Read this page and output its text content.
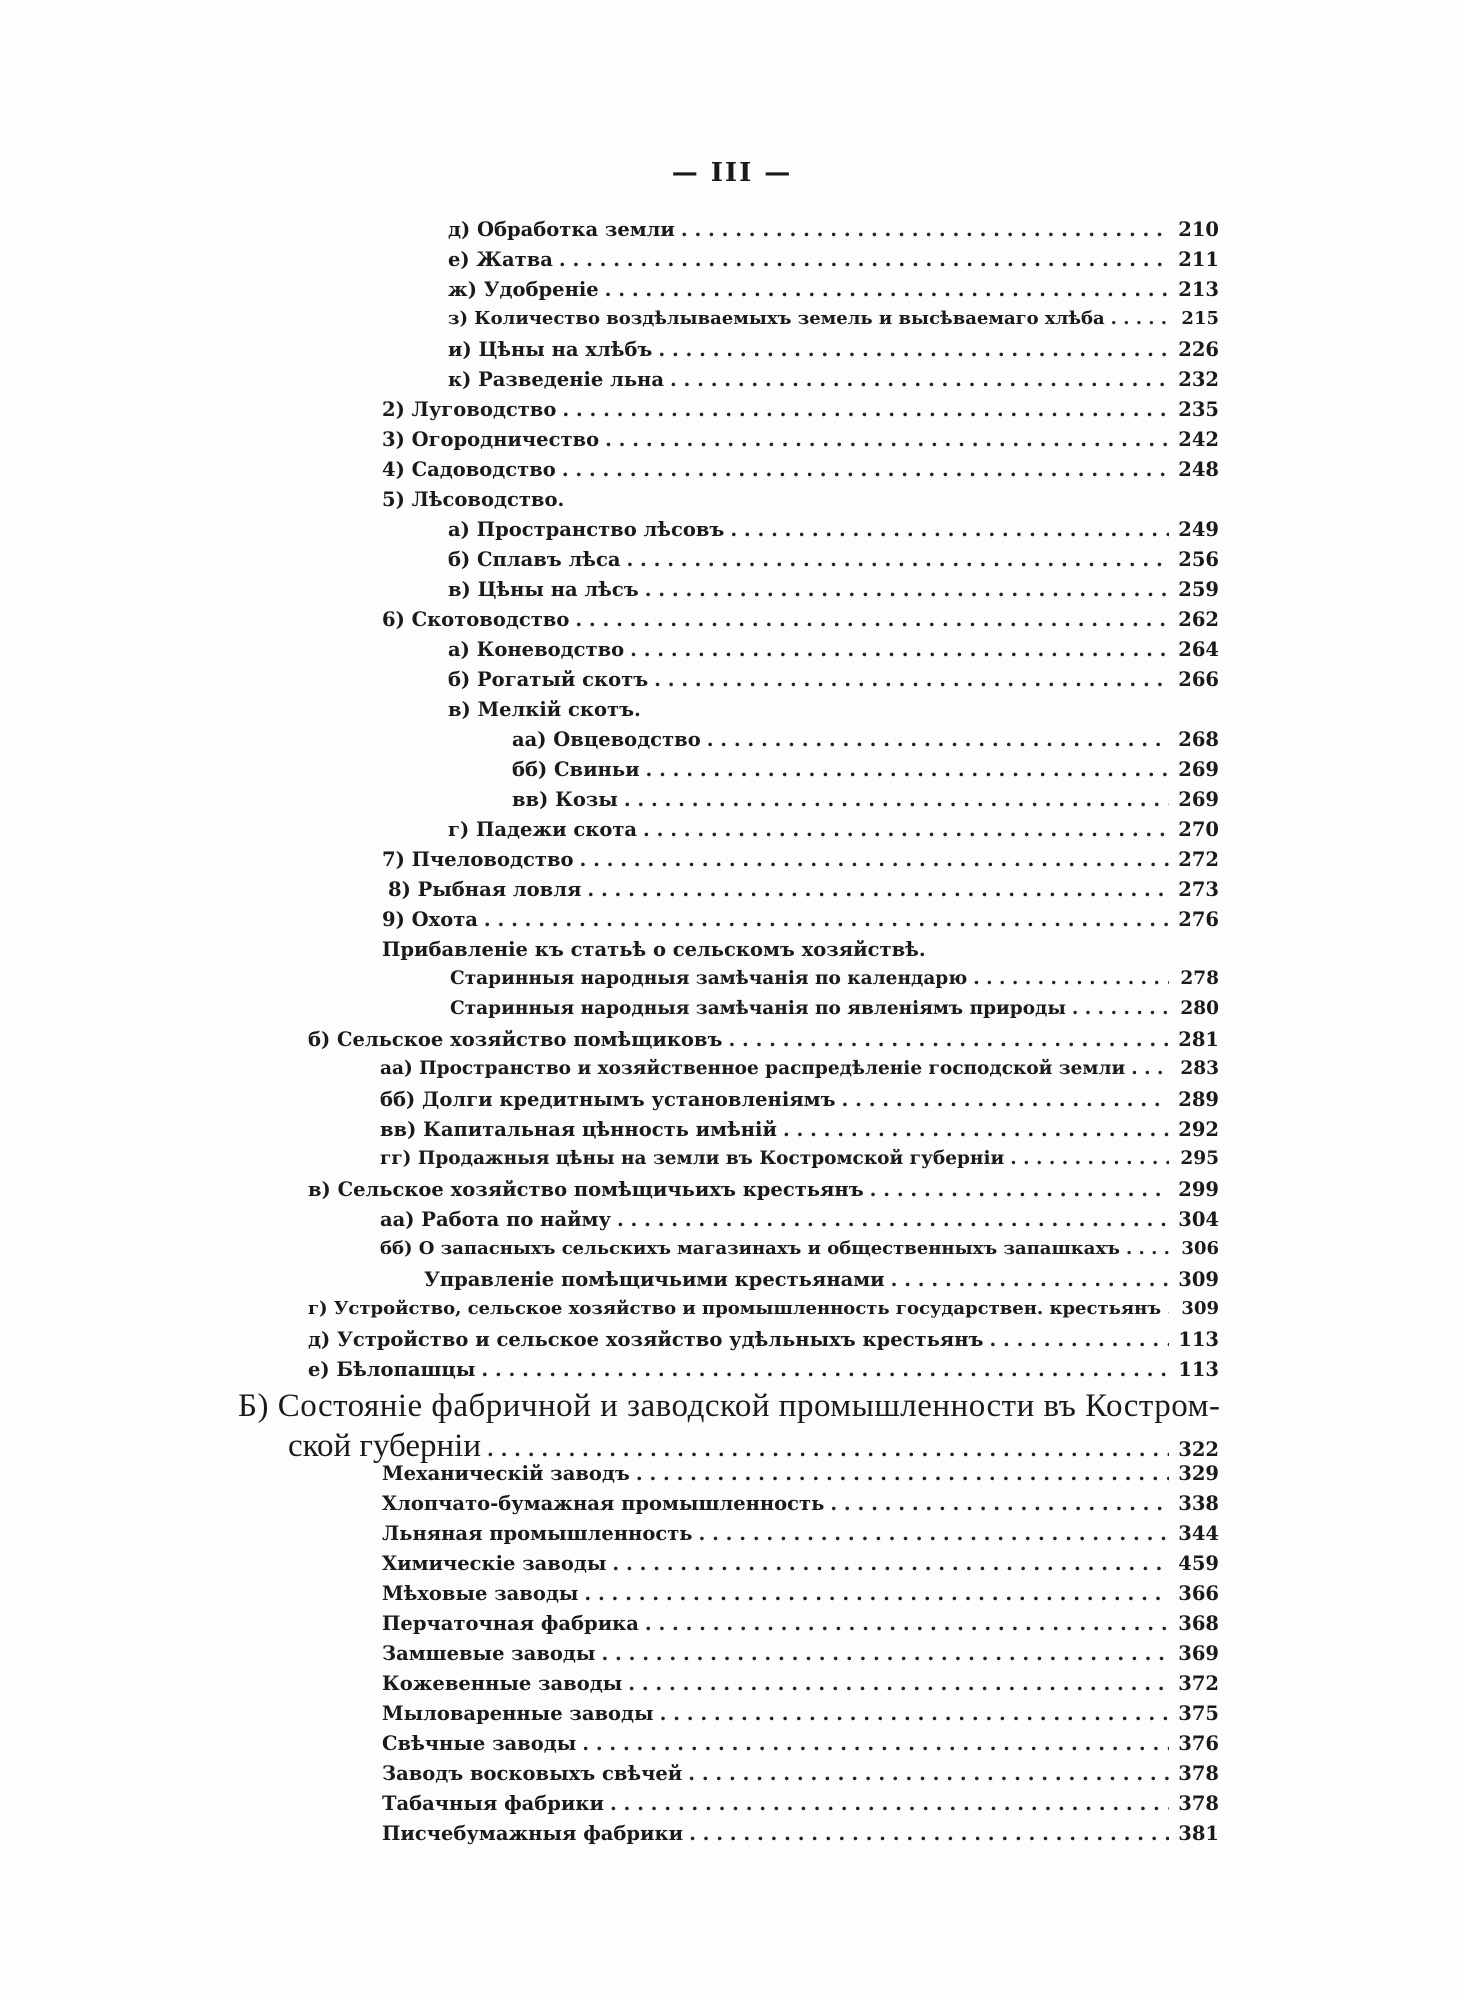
— III —
д) Обработка земли . . .	210
е) Жатва . . .	211
ж) Удобреніе . . .	213
з) Количество воздѣлываемыхъ земель и высѣваемаго хлѣба . . .	215
и) Цѣны на хлѣбъ . . .	226
к) Разведеніе льна . . .	232
2) Луговодство . . .	235
3) Огородничество . . .	242
4) Садоводство . . .	248
5) Лѣсоводство.
а) Пространство лѣсовъ . . .	249
б) Сплавъ лѣса . . .	256
в) Цѣны на лѣсъ . . .	259
6) Скотоводство . . .	262
а) Коневодство . . .	264
б) Рогатый скотъ . . .	266
в) Мелкій скотъ.
аа) Овцеводство . . .	268
бб) Свиньи . . .	269
вв) Козы . . .	269
г) Падежи скота . . .	270
7) Пчеловодство . . .	272
8) Рыбная ловля . . .	273
9) Охота . . .	276
Прибавленіе къ статьѣ о сельскомъ хозяйствѣ.
Старинныя народныя замѣчанія по календарю . . .	278
Старинныя народныя замѣчанія по явленіямъ природы . . .	280
б) Сельское хозяйство помѣщиковъ . . .	281
аа) Пространство и хозяйственное распредѣленіе господской земли . . .	283
бб) Долги кредитнымъ установленіямъ . . .	289
вв) Капитальная цѣнность имѣній . . .	292
гг) Продажныя цѣны на земли въ Костромской губерніи . . .	295
в) Сельское хозяйство помѣщичьихъ крестьянъ . . .	299
аа) Работа по найму . . .	304
бб) О запасныхъ сельскихъ магазинахъ и общественныхъ запашкахъ . . .	306
Управленіе помѣщичьими крестьянами . . .	309
г) Устройство, сельское хозяйство и промышленность государствен. крестьянъ . . .	309
д) Устройство и сельское хозяйство удѣльныхъ крестьянъ . . .	113
е) Бѣлопашцы . . .	113
Б) Состояніе фабричной и заводской промышленности въ Костром-
ской губерніи . . .	322
Механическій заводъ . . .	329
Хлопчато-бумажная промышленность . . .	338
Льняная промышленность . . .	344
Химическіе заводы . . .	459
Мѣховые заводы . . .	366
Перчаточная фабрика . . .	368
Замшевые заводы . . .	369
Кожевенные заводы . . .	372
Мыловаренные заводы . . .	375
Свѣчные заводы . . .	376
Заводъ восковыхъ свѣчей . . .	378
Табачныя фабрики . . .	378
Писчебумажныя фабрики . . .	381
